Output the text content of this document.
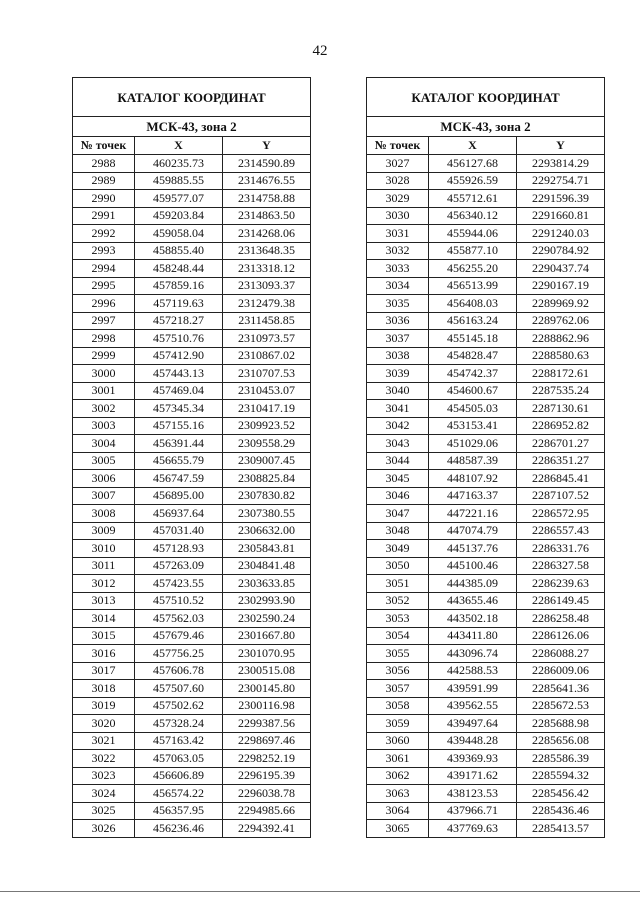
42
КАТАЛОГ КООРДИНАТ		
МСК-43, зона 2		
№ точек	X	Y
2988	460235.73	2314590.89
2989	459885.55	2314676.55
2990	459577.07	2314758.88
2991	459203.84	2314863.50
2992	459058.04	2314268.06
2993	458855.40	2313648.35
2994	458248.44	2313318.12
2995	457859.16	2313093.37
2996	457119.63	2312479.38
2997	457218.27	2311458.85
2998	457510.76	2310973.57
2999	457412.90	2310867.02
3000	457443.13	2310707.53
3001	457469.04	2310453.07
3002	457345.34	2310417.19
3003	457155.16	2309923.52
3004	456391.44	2309558.29
3005	456655.79	2309007.45
3006	456747.59	2308825.84
3007	456895.00	2307830.82
3008	456937.64	2307380.55
3009	457031.40	2306632.00
3010	457128.93	2305843.81
3011	457263.09	2304841.48
3012	457423.55	2303633.85
3013	457510.52	2302993.90
3014	457562.03	2302590.24
3015	457679.46	2301667.80
3016	457756.25	2301070.95
3017	457606.78	2300515.08
3018	457507.60	2300145.80
3019	457502.62	2300116.98
3020	457328.24	2299387.56
3021	457163.42	2298697.46
3022	457063.05	2298252.19
3023	456606.89	2296195.39
3024	456574.22	2296038.78
3025	456357.95	2294985.66
3026	456236.46	2294392.41
КАТАЛОГ КООРДИНАТ		
МСК-43, зона 2		
№ точек	X	Y
3027	456127.68	2293814.29
3028	455926.59	2292754.71
3029	455712.61	2291596.39
3030	456340.12	2291660.81
3031	455944.06	2291240.03
3032	455877.10	2290784.92
3033	456255.20	2290437.74
3034	456513.99	2290167.19
3035	456408.03	2289969.92
3036	456163.24	2289762.06
3037	455145.18	2288862.96
3038	454828.47	2288580.63
3039	454742.37	2288172.61
3040	454600.67	2287535.24
3041	454505.03	2287130.61
3042	453153.41	2286952.82
3043	451029.06	2286701.27
3044	448587.39	2286351.27
3045	448107.92	2286845.41
3046	447163.37	2287107.52
3047	447221.16	2286572.95
3048	447074.79	2286557.43
3049	445137.76	2286331.76
3050	445100.46	2286327.58
3051	444385.09	2286239.63
3052	443655.46	2286149.45
3053	443502.18	2286258.48
3054	443411.80	2286126.06
3055	443096.74	2286088.27
3056	442588.53	2286009.06
3057	439591.99	2285641.36
3058	439562.55	2285672.53
3059	439497.64	2285688.98
3060	439448.28	2285656.08
3061	439369.93	2285586.39
3062	439171.62	2285594.32
3063	438123.53	2285456.42
3064	437966.71	2285436.46
3065	437769.63	2285413.57
